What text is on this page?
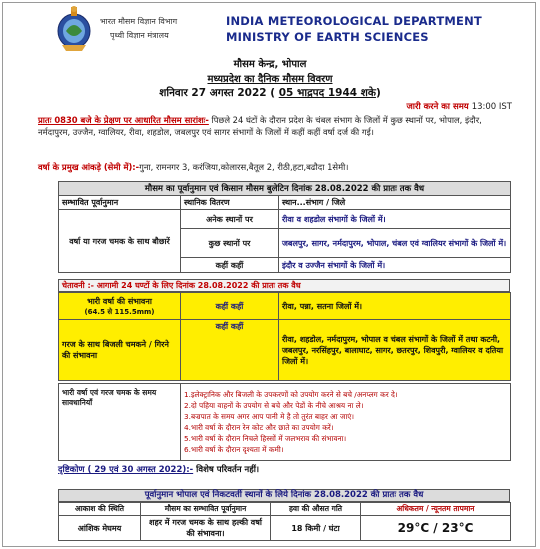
भारत मौसम विज्ञान विभाग
पृथ्वी विज्ञान मंत्रालय
INDIA METEOROLOGICAL DEPARTMENT
MINISTRY OF EARTH SCIENCES
मौसम केन्द्र, भोपाल
मध्यप्रदेश का दैनिक मौसम विवरण
शनिवार 27 अगस्त 2022 ( 05 भाद्रपद 1944 शके)
जारी करने का समय 13:00 IST
प्रातः 0830 बजे के प्रेक्षण पर आधारित मौसम सारांशः- पिछले 24 घंटों के दौरान प्रदेश के चंबल संभाग के जिलों में कुछ स्थानों पर, भोपाल, इंदौर, नर्मदापुरम, उज्जैन, ग्वालियर, रीवा, शहडोल, जबलपुर एवं सागर संभागों के जिलों में कहीं कहीं वर्षा दर्ज की गई।
वर्षा के प्रमुख आंकड़े (सेमी में):-गुना, रामनगर 3, करंजिया,कोलारस,बैतूल 2, रीठी,हटा,बढौदा 1सेमी।
मौसम का पूर्वानुमान एवं किसान मौसम बुलेटिन दिनांक 28.08.2022 की प्रातः तक वैध		
सम्भावित पूर्वानुमान	स्थानिक वितरण	स्थान...संभाग / जिले
वर्षा या गरज चमक के साथ बौछारें	अनेक स्थानों पर	रीवा व शहडोल संभागों के जिलों में।
	कुछ स्थानों पर	जबलपुर, सागर, नर्मदापुरम, भोपाल, चंबल एवं ग्वालियर संभागों के जिलों में।
	कहीं कहीं	इंदौर व उज्जैन संभागों के जिलों में।
चेतावनी :- आगामी 24 घण्टों के लिए दिनांक 28.08.2022 की प्रातः तक वैध
भारी वर्षा की संभावना
(64.5 से 115.5mm)	कहीं कहीं	रीवा, पन्ना, सतना जिलों में।
गरज के साथ बिजली चमकने / गिरने की संभावना	कहीं कहीं	रीवा, शहडोल, नर्मदापुरम, भोपाल व चंबल संभागों के जिलों में तथा कटनी, जबलपुर, नरसिंहपुर, बालाघाट, सागर, छतरपुर, शिवपुरी, ग्वालियर व दतिया जिलों में।
भारी वर्षा एवं गरज चमक के समय सावधानियाँ	
1.इलेक्ट्रानिक और बिजली के उपकरणों को उपयोग करने से बचे /अनप्लग कर दे।
2.दो पहिया वाहनों के उपयोग से बचे और पेडों के नीचे आश्रय ना ले।
3.बज्रपात के समय अगर आप पानी मे है तो तुरंत बाहर आ जाएं।
4.भारी वर्षा के दौरान रेन कोट और छाते का उपयोग करें।
5.भारी वर्षा के दौरान निचले हिस्सों में जलभराव की संभावना।
6.भारी वर्षा के दौरान दृश्यता में कमी।
दृष्टिकोण ( 29 एवं 30 अगस्त 2022):- विशेष परिवर्तन नहीं।
पूर्वानुमान भोपाल एवं निकटवर्ती स्थानों के लिये दिनांक 28.08.2022 की प्रातः तक वैध
आकाश की स्थिति	मौसम का सम्भावित पूर्वानुमान	हवा की औसत गति	अधिकतम / न्यूनतम तापमान
आंशिक मेघमय	शहर में गरज चमक के साथ हल्की वर्षा की संभावना।	18 किमी / घंटा	29°C / 23°C
